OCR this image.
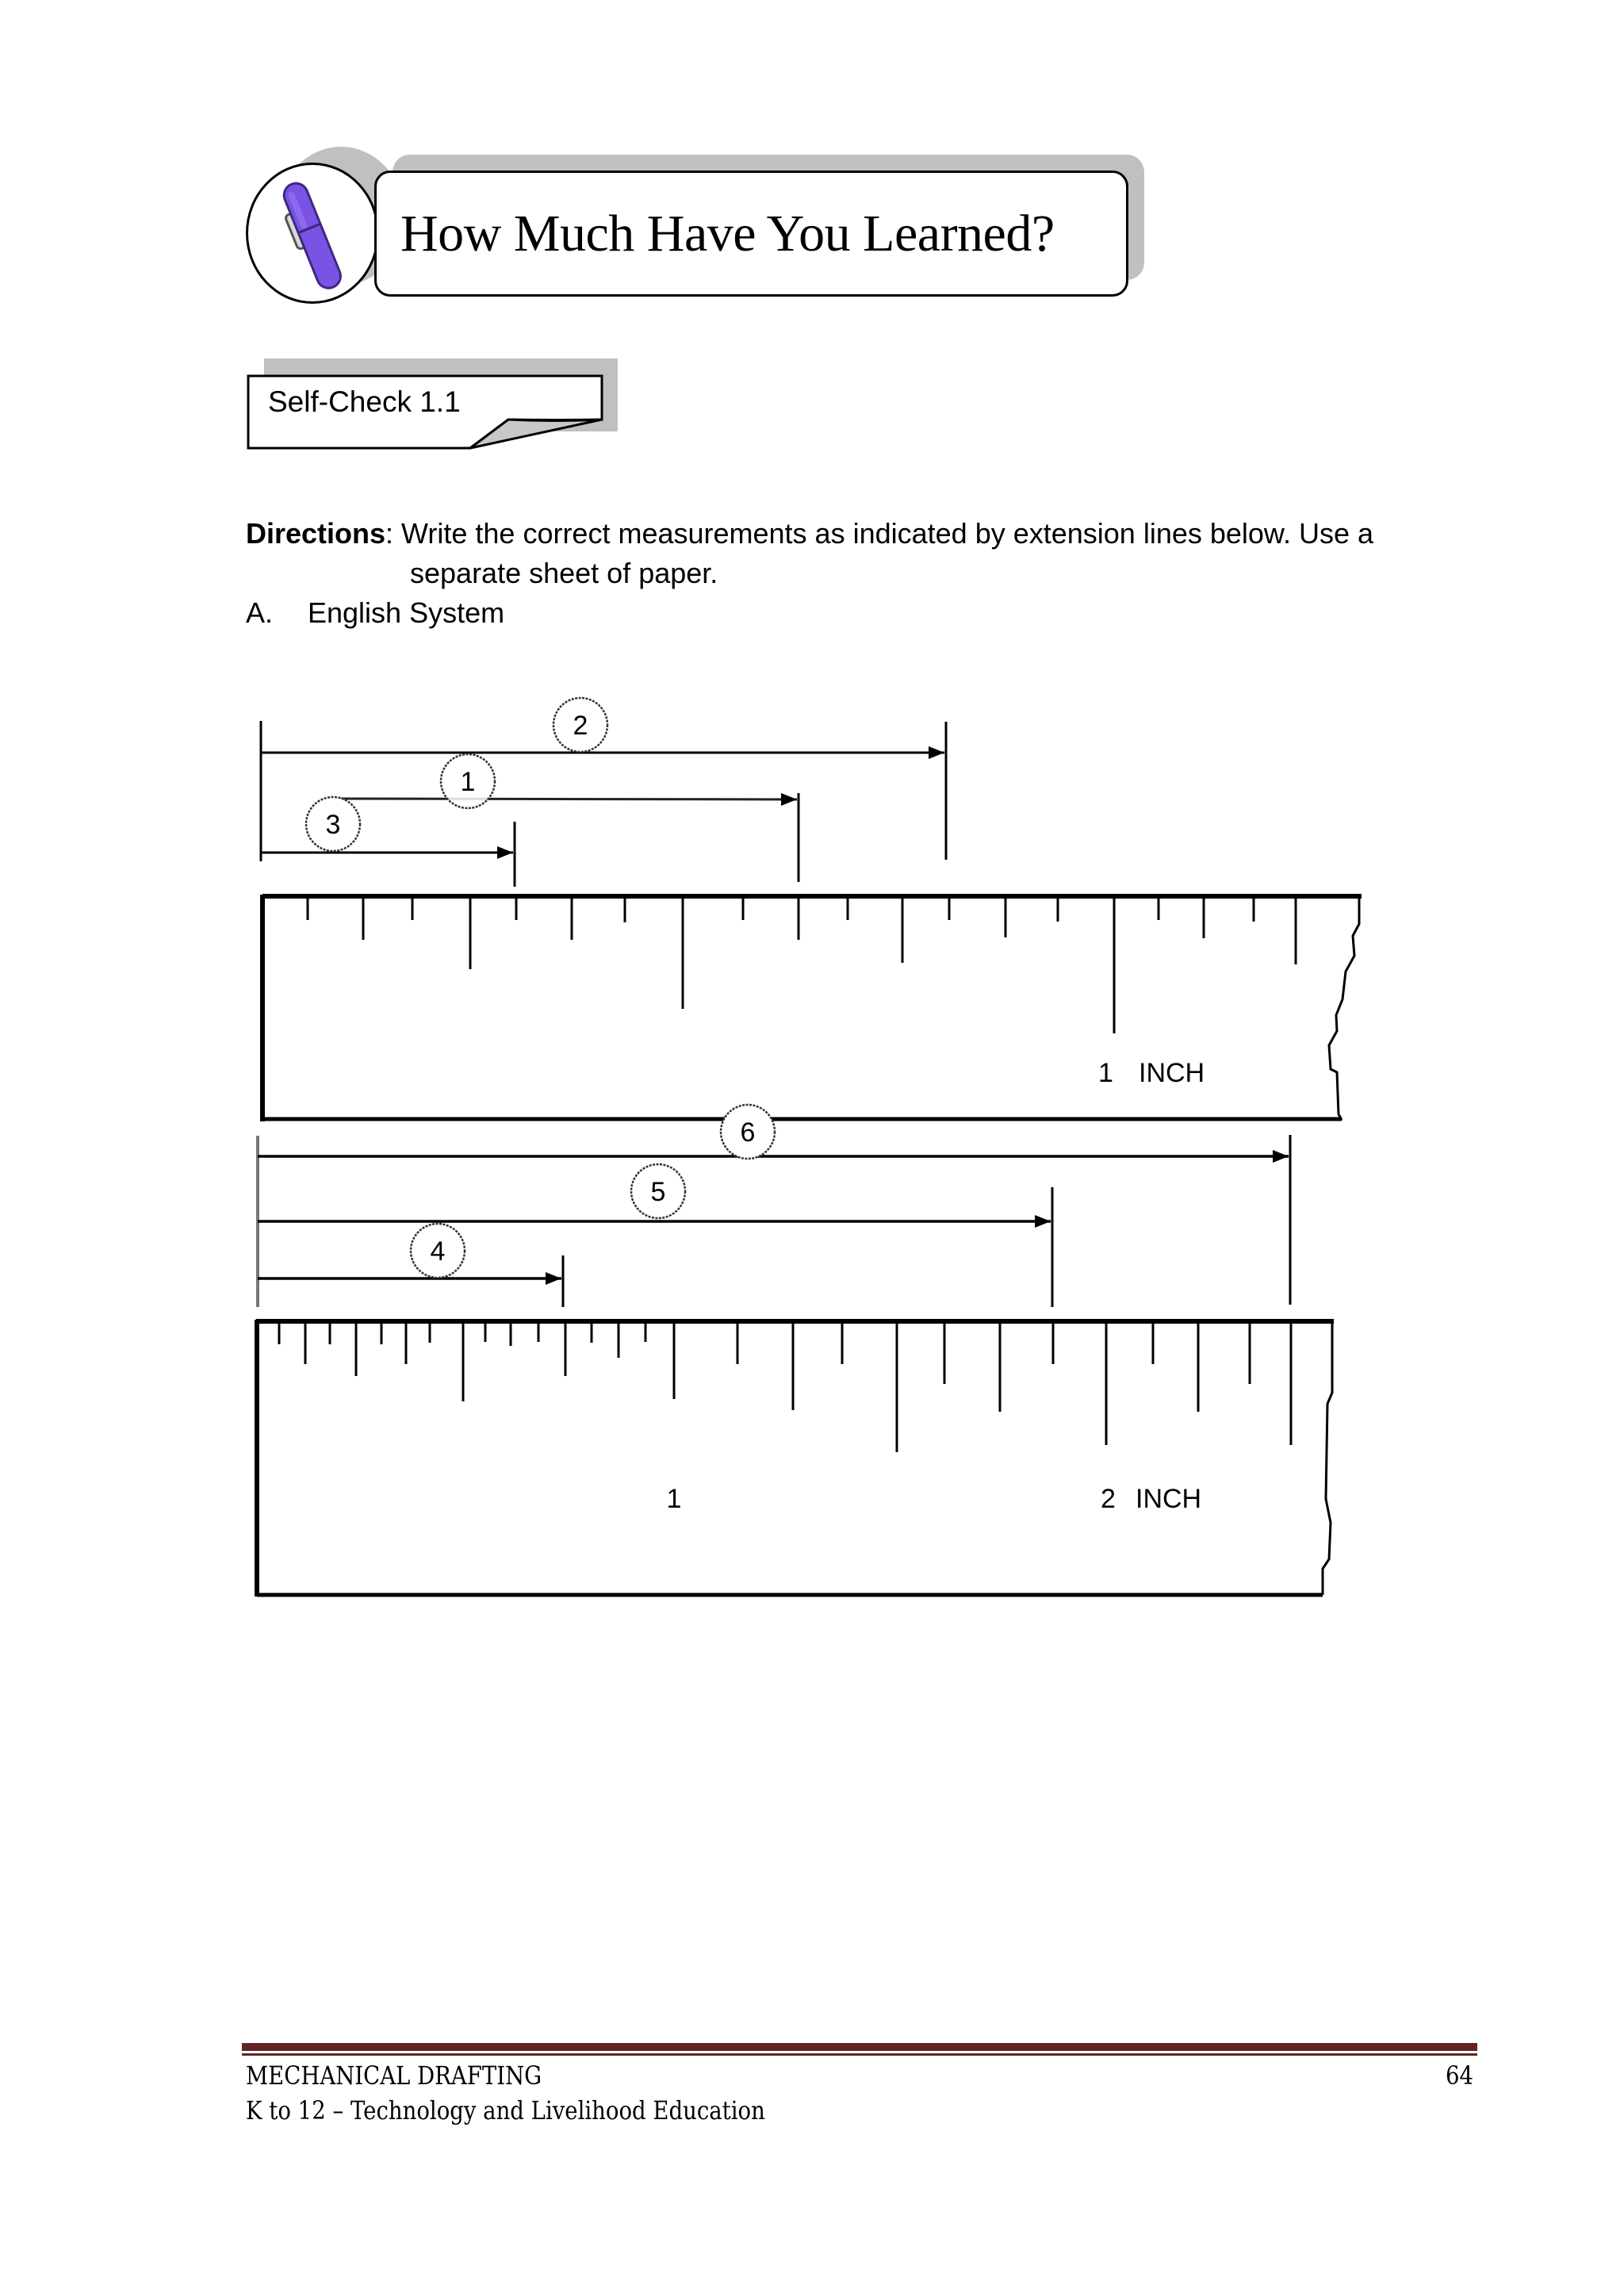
How Much Have You Learned?
Self-Check 1.1
Directions: Write the correct measurements as indicated by extension lines below. Use a
separate sheet of paper.
A. English System
2
1
3
1 INCH
6
5
4
1	2 INCH
MECHANICAL DRAFTING
K to 12 – Technology and Livelihood Education
64
